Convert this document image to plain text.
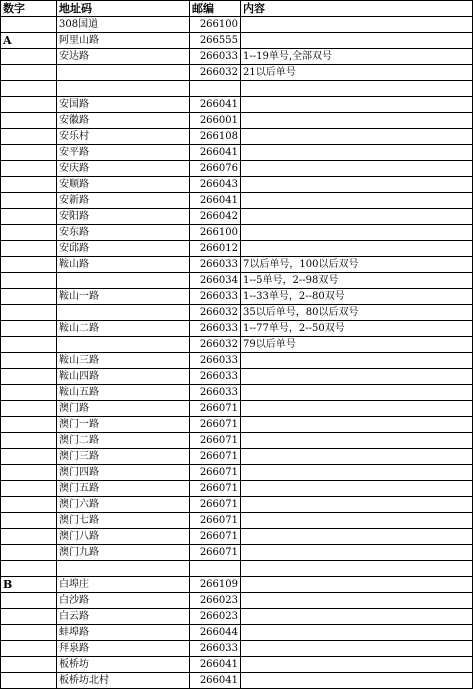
数字	地址码	邮编	内容
	308国道	266100	
A	阿里山路	266555	
	安达路	266033	1--19单号,全部双号
		266032	21以后单号

	安国路	266041	
	安徽路	266001	
	安乐村	266108	
	安平路	266041	
	安庆路	266076	
	安顺路	266043	
	安新路	266041	
	安阳路	266042	
	安东路	266100	
	安邱路	266012	
	鞍山路	266033	7以后单号，100以后双号
		266034	1--5单号，2--98双号
	鞍山一路	266033	1--33单号，2--80双号
		266032	35以后单号，80以后双号
	鞍山二路	266033	1--77单号，2--50双号
		266032	79以后单号
	鞍山三路	266033	
	鞍山四路	266033	
	鞍山五路	266033	
	澳门路	266071	
	澳门一路	266071	
	澳门二路	266071	
	澳门三路	266071	
	澳门四路	266071	
	澳门五路	266071	
	澳门六路	266071	
	澳门七路	266071	
	澳门八路	266071	
	澳门九路	266071	

B	白埠庄	266109	
	白沙路	266023	
	白云路	266023	
	蚌埠路	266044	
	拜泉路	266033	
	板桥坊	266041	
	板桥坊北村	266041	
